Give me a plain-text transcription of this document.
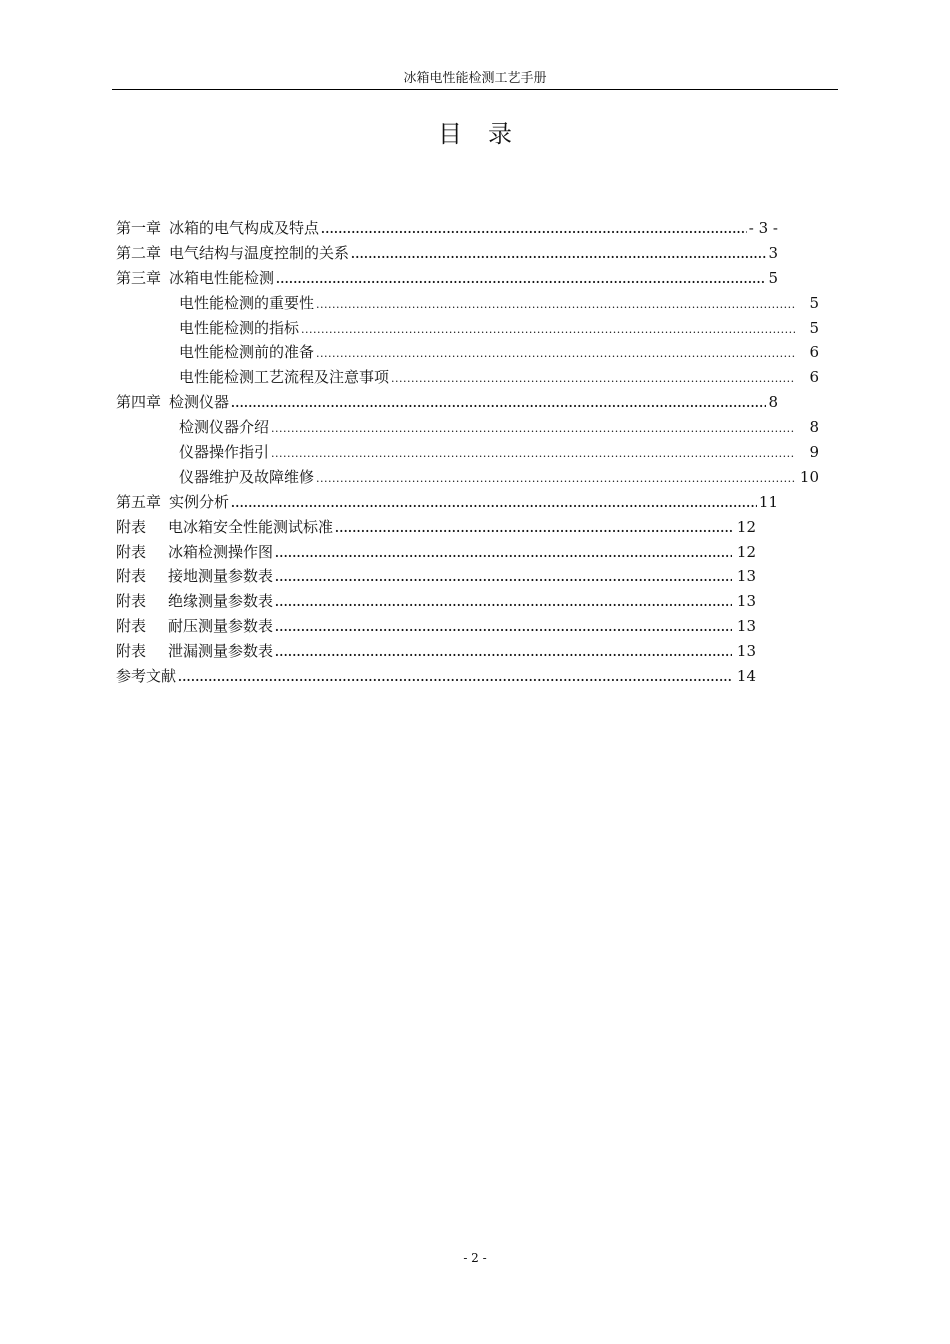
冰箱电性能检测工艺手册
目录
第一章 冰箱的电气构成及特点 .....	- 3 -
第二章 电气结构与温度控制的关系 .....	3
第三章 冰箱电性能检测 .....	5
电性能检测的重要性 .....	5
电性能检测的指标 .....	5
电性能检测前的准备 .....	6
电性能检测工艺流程及注意事项 .....	6
第四章 检测仪器 .....	8
检测仪器介绍 .....	8
仪器操作指引 .....	9
仪器维护及故障维修 .....	10
第五章 实例分析 .....	11
附表 电冰箱安全性能测试标准 .....	12
附表 冰箱检测操作图 .....	12
附表 接地测量参数表 .....	13
附表 绝缘测量参数表 .....	13
附表 耐压测量参数表 .....	13
附表 泄漏测量参数表 .....	13
参考文献 .....	14
- 2 -
